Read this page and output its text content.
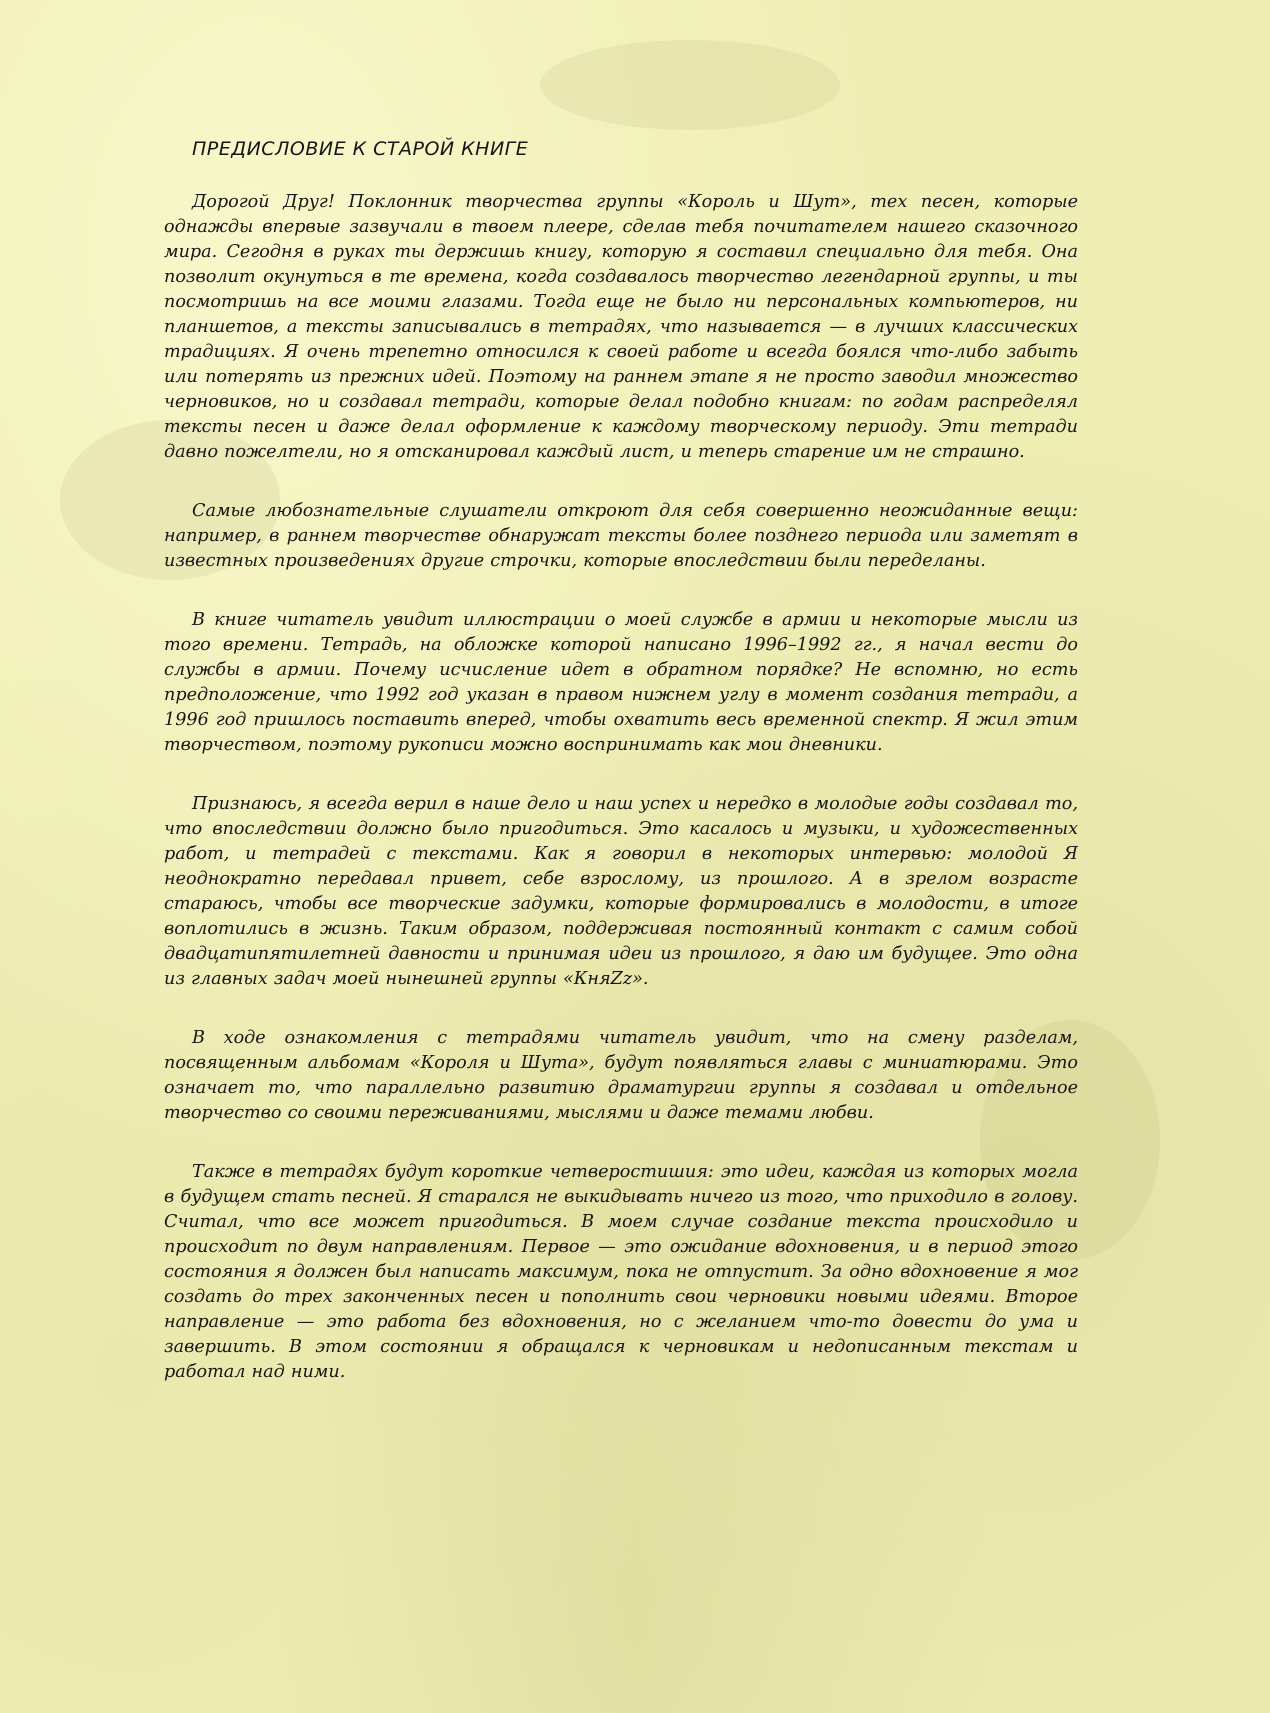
ПРЕДИСЛОВИЕ К СТАРОЙ КНИГЕ

Дорогой Друг! Поклонник творчества группы «Король и Шут», тех песен, которые однажды впервые зазвучали в твоем плеере, сделав тебя почитателем нашего сказочного мира. Сегодня в руках ты держишь книгу, которую я составил специально для тебя. Она позволит окунуться в те времена, когда создавалось творчество легендарной группы, и ты посмотришь на все моими глазами. Тогда еще не было ни персональных компьютеров, ни планшетов, а тексты записывались в тетрадях, что называется — в лучших классических традициях. Я очень трепетно относился к своей работе и всегда боялся что-либо забыть или потерять из прежних идей. Поэтому на раннем этапе я не просто заводил множество черновиков, но и создавал тетради, которые делал подобно книгам: по годам распределял тексты песен и даже делал оформление к каждому творческому периоду. Эти тетради давно пожелтели, но я отсканировал каждый лист, и теперь старение им не страшно.

Самые любознательные слушатели откроют для себя совершенно неожиданные вещи: например, в раннем творчестве обнаружат тексты более позднего периода или заметят в известных произведениях другие строчки, которые впоследствии были переделаны.

В книге читатель увидит иллюстрации о моей службе в армии и некоторые мысли из того времени. Тетрадь, на обложке которой написано 1996–1992 гг., я начал вести до службы в армии. Почему исчисление идет в обратном порядке? Не вспомню, но есть предположение, что 1992 год указан в правом нижнем углу в момент создания тетради, а 1996 год пришлось поставить вперед, чтобы охватить весь временной спектр. Я жил этим творчеством, поэтому рукописи можно воспринимать как мои дневники.

Признаюсь, я всегда верил в наше дело и наш успех и нередко в молодые годы создавал то, что впоследствии должно было пригодиться. Это касалось и музыки, и художественных работ, и тетрадей с текстами. Как я говорил в некоторых интервью: молодой Я неоднократно передавал привет, себе взрослому, из прошлого. А в зрелом возрасте стараюсь, чтобы все творческие задумки, которые формировались в молодости, в итоге воплотились в жизнь. Таким образом, поддерживая постоянный контакт с самим собой двадцатипятилетней давности и принимая идеи из прошлого, я даю им будущее. Это одна из главных задач моей нынешней группы «КняZz».

В ходе ознакомления с тетрадями читатель увидит, что на смену разделам, посвященным альбомам «Короля и Шута», будут появляться главы с миниатюрами. Это означает то, что параллельно развитию драматургии группы я создавал и отдельное творчество со своими переживаниями, мыслями и даже темами любви.

Также в тетрадях будут короткие четверостишия: это идеи, каждая из которых могла в будущем стать песней. Я старался не выкидывать ничего из того, что приходило в голову. Считал, что все может пригодиться. В моем случае создание текста происходило и происходит по двум направлениям. Первое — это ожидание вдохновения, и в период этого состояния я должен был написать максимум, пока не отпустит. За одно вдохновение я мог создать до трех законченных песен и пополнить свои черновики новыми идеями. Второе направление — это работа без вдохновения, но с желанием что-то довести до ума и завершить. В этом состоянии я обращался к черновикам и недописанным текстам и работал над ними.
